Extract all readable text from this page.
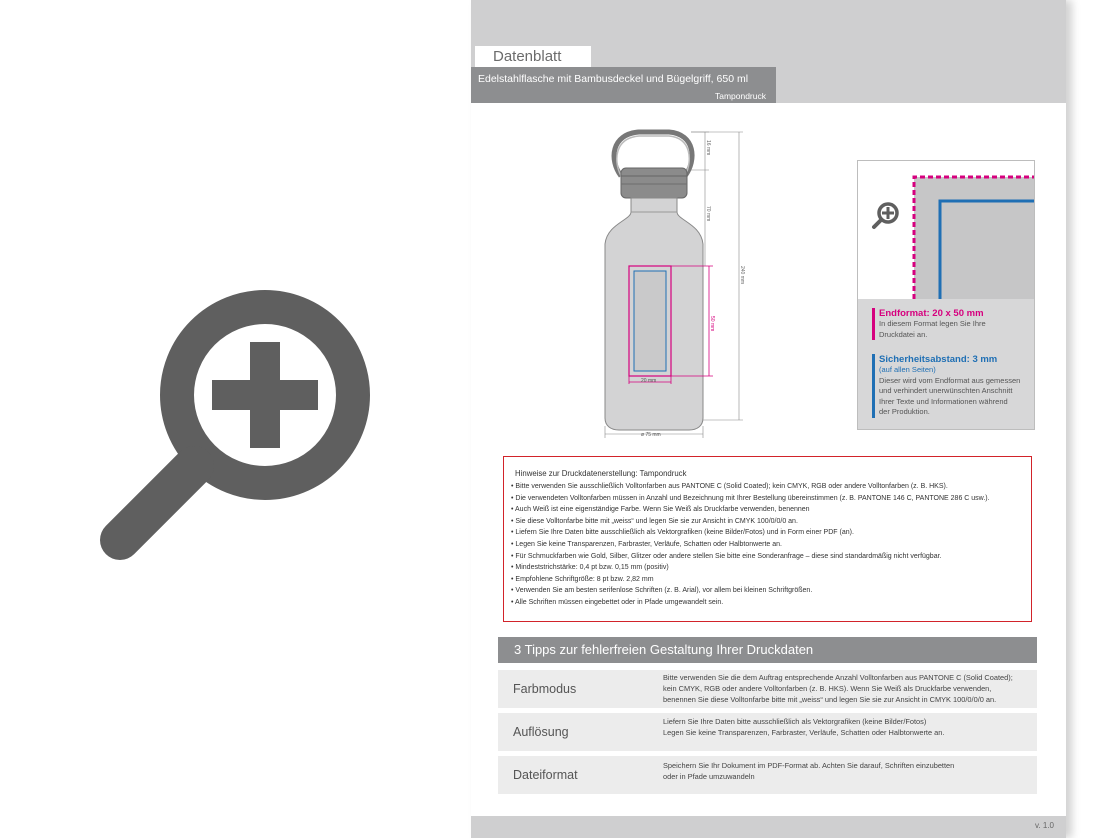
Datenblatt
Edelstahlflasche mit Bambusdeckel und Bügelgriff, 650 ml
Tampondruck
50 mm
20 mm
16 mm
70 mm
240 mm
ø 75 mm
Endformat: 20 x 50 mm
In diesem Format legen Sie Ihre
Druckdatei an.
Sicherheitsabstand: 3 mm
(auf allen Seiten)
Dieser wird vom Endformat aus gemessen
und verhindert unerwünschten Anschnitt
Ihrer Texte und Informationen während
der Produktion.
Hinweise zur Druckdatenerstellung: Tampondruck
• Bitte verwenden Sie ausschließlich Volltonfarben aus PANTONE C (Solid Coated); kein CMYK, RGB oder andere Volltonfarben (z. B. HKS).
• Die verwendeten Volltonfarben müssen in Anzahl und Bezeichnung mit Ihrer Bestellung übereinstimmen (z. B. PANTONE 146 C, PANTONE 286 C usw.).
• Auch Weiß ist eine eigenständige Farbe. Wenn Sie Weiß als Druckfarbe verwenden, benennen
• Sie diese Volltonfarbe bitte mit „weiss“ und legen Sie sie zur Ansicht in CMYK 100/0/0/0 an.
• Liefern Sie Ihre Daten bitte ausschließlich als Vektorgrafiken (keine Bilder/Fotos) und in Form einer PDF (an).
• Legen Sie keine Transparenzen, Farbraster, Verläufe, Schatten oder Halbtonwerte an.
• Für Schmuckfarben wie Gold, Silber, Glitzer oder andere stellen Sie bitte eine Sonderanfrage – diese sind standardmäßig nicht verfügbar.
• Mindeststrichstärke: 0,4 pt bzw. 0,15 mm (positiv)
• Empfohlene Schriftgröße: 8 pt bzw. 2,82 mm
• Verwenden Sie am besten serifenlose Schriften (z. B. Arial), vor allem bei kleinen Schriftgrößen.
• Alle Schriften müssen eingebettet oder in Pfade umgewandelt sein.
3 Tipps zur fehlerfreien Gestaltung Ihrer Druckdaten
Farbmodus
Bitte verwenden Sie die dem Auftrag entsprechende Anzahl Volltonfarben aus PANTONE C (Solid Coated);
kein CMYK, RGB oder andere Volltonfarben (z. B. HKS). Wenn Sie Weiß als Druckfarbe verwenden,
benennen Sie diese Volltonfarbe bitte mit „weiss“ und legen Sie sie zur Ansicht in CMYK 100/0/0/0 an.
Auflösung
Liefern Sie Ihre Daten bitte ausschließlich als Vektorgrafiken (keine Bilder/Fotos)
Legen Sie keine Transparenzen, Farbraster, Verläufe, Schatten oder Halbtonwerte an.
Dateiformat
Speichern Sie Ihr Dokument im PDF-Format ab. Achten Sie darauf, Schriften einzubetten
oder in Pfade umzuwandeln
v. 1.0
